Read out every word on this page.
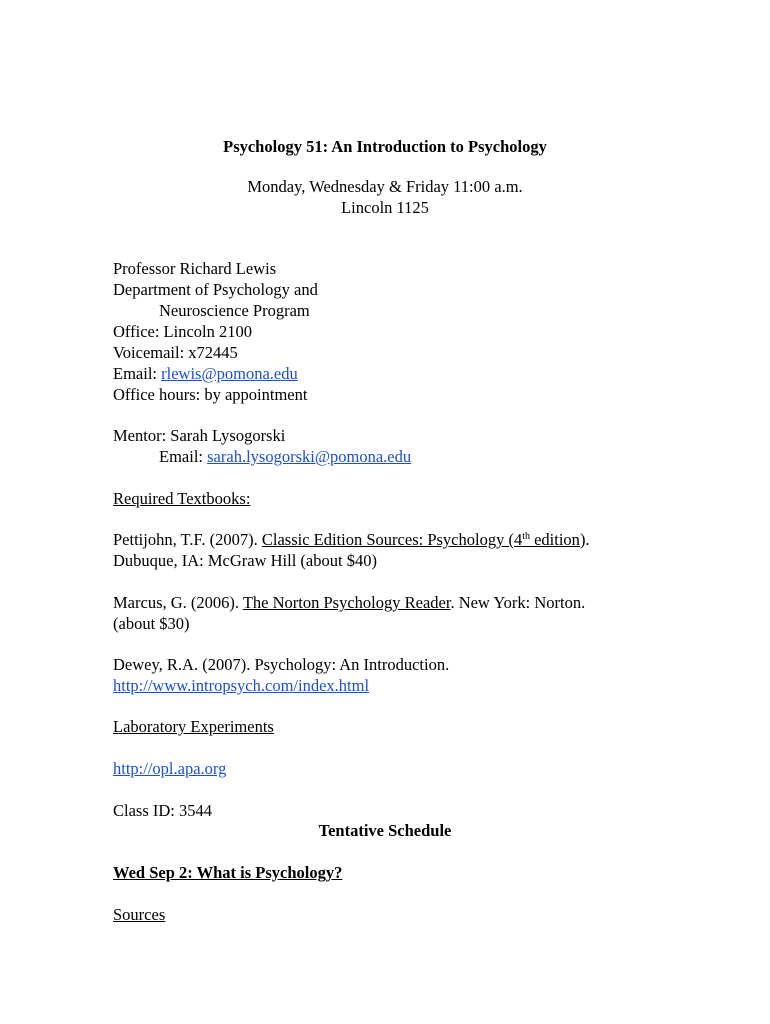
Psychology 51: An Introduction to Psychology
Monday, Wednesday & Friday 11:00 a.m.
Lincoln 1125
Professor Richard Lewis
Department of Psychology and
Neuroscience Program
Office: Lincoln 2100
Voicemail: x72445
Email: rlewis@pomona.edu
Office hours: by appointment
Mentor: Sarah Lysogorski
Email: sarah.lysogorski@pomona.edu
Required Textbooks:
Pettijohn, T.F. (2007). Classic Edition Sources: Psychology (4th edition).
Dubuque, IA: McGraw Hill (about $40)
Marcus, G. (2006). The Norton Psychology Reader. New York: Norton.
(about $30)
Dewey, R.A. (2007). Psychology: An Introduction.
http://www.intropsych.com/index.html
Laboratory Experiments
http://opl.apa.org
Class ID: 3544
Tentative Schedule
Wed Sep 2: What is Psychology?
Sources
